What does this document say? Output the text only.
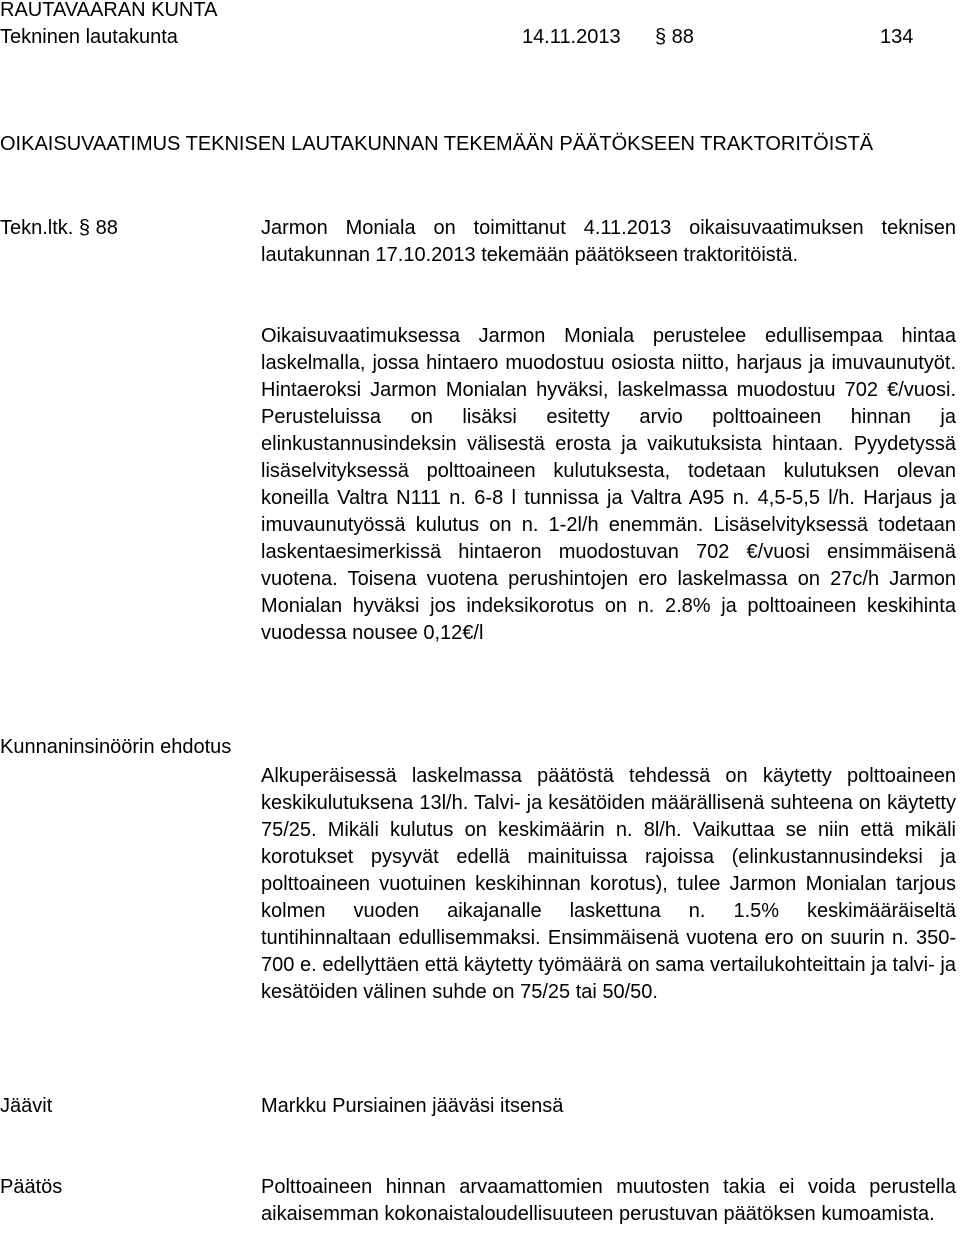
RAUTAVAARAN KUNTA
Tekninen lautakunta	14.11.2013 § 88	134
OIKAISUVAATIMUS TEKNISEN LAUTAKUNNAN TEKEMÄÄN PÄÄTÖKSEEN TRAKTORITÖISTÄ
Tekn.ltk. § 88	Jarmon Moniala on toimittanut 4.11.2013 oikaisuvaatimuksen teknisen lautakunnan 17.10.2013 tekemään päätökseen traktoritöistä.
Oikaisuvaatimuksessa Jarmon Moniala perustelee edullisempaa hintaa laskelmalla, jossa hintaero muodostuu osiosta niitto, harjaus ja imuvaunutyöt. Hintaeroksi Jarmon Monialan hyväksi, laskelmassa muodostuu 702 €/vuosi. Perusteluissa on lisäksi esitetty arvio polttoaineen hinnan ja elinkustannusindeksin välisestä erosta ja vaikutuksista hintaan. Pyydetyssä lisäselvityksessä polttoaineen kulutuksesta, todetaan kulutuksen olevan koneilla Valtra N111 n. 6-8 l tunnissa ja Valtra A95 n. 4,5-5,5 l/h. Harjaus ja imuvaunutyössä kulutus on n. 1-2l/h enemmän. Lisäselvityksessä todetaan laskentaesimerkissä hintaeron muodostuvan 702 €/vuosi ensimmäisenä vuotena. Toisena vuotena perushintojen ero laskelmassa on 27c/h Jarmon Monialan hyväksi jos indeksikorotus on n. 2.8% ja polttoaineen keskihinta vuodessa nousee 0,12€/l
Kunnaninsinöörin ehdotus
Alkuperäisessä laskelmassa päätöstä tehdessä on käytetty polttoaineen keskikulutuksena 13l/h. Talvi- ja kesätöiden määrällisenä suhteena on käytetty 75/25. Mikäli kulutus on keskimäärin n. 8l/h. Vaikuttaa se niin että mikäli korotukset pysyvät edellä mainituissa rajoissa (elinkustannusindeksi ja polttoaineen vuotuinen keskihinnan korotus), tulee Jarmon Monialan tarjous kolmen vuoden aikajanalle laskettuna n. 1.5% keskimääräiseltä tuntihinnaltaan edullisemmaksi. Ensimmäisenä vuotena ero on suurin n. 350-700 e. edellyttäen että käytetty työmäärä on sama vertailukohteittain ja talvi- ja kesätöiden välinen suhde on 75/25 tai 50/50.
Jäävit	Markku Pursiainen jääväsi itsensä
Päätös	Polttoaineen hinnan arvaamattomien muutosten takia ei voida perustella aikaisemman kokonaistaloudellisuuteen perustuvan päätöksen kumoamista.
